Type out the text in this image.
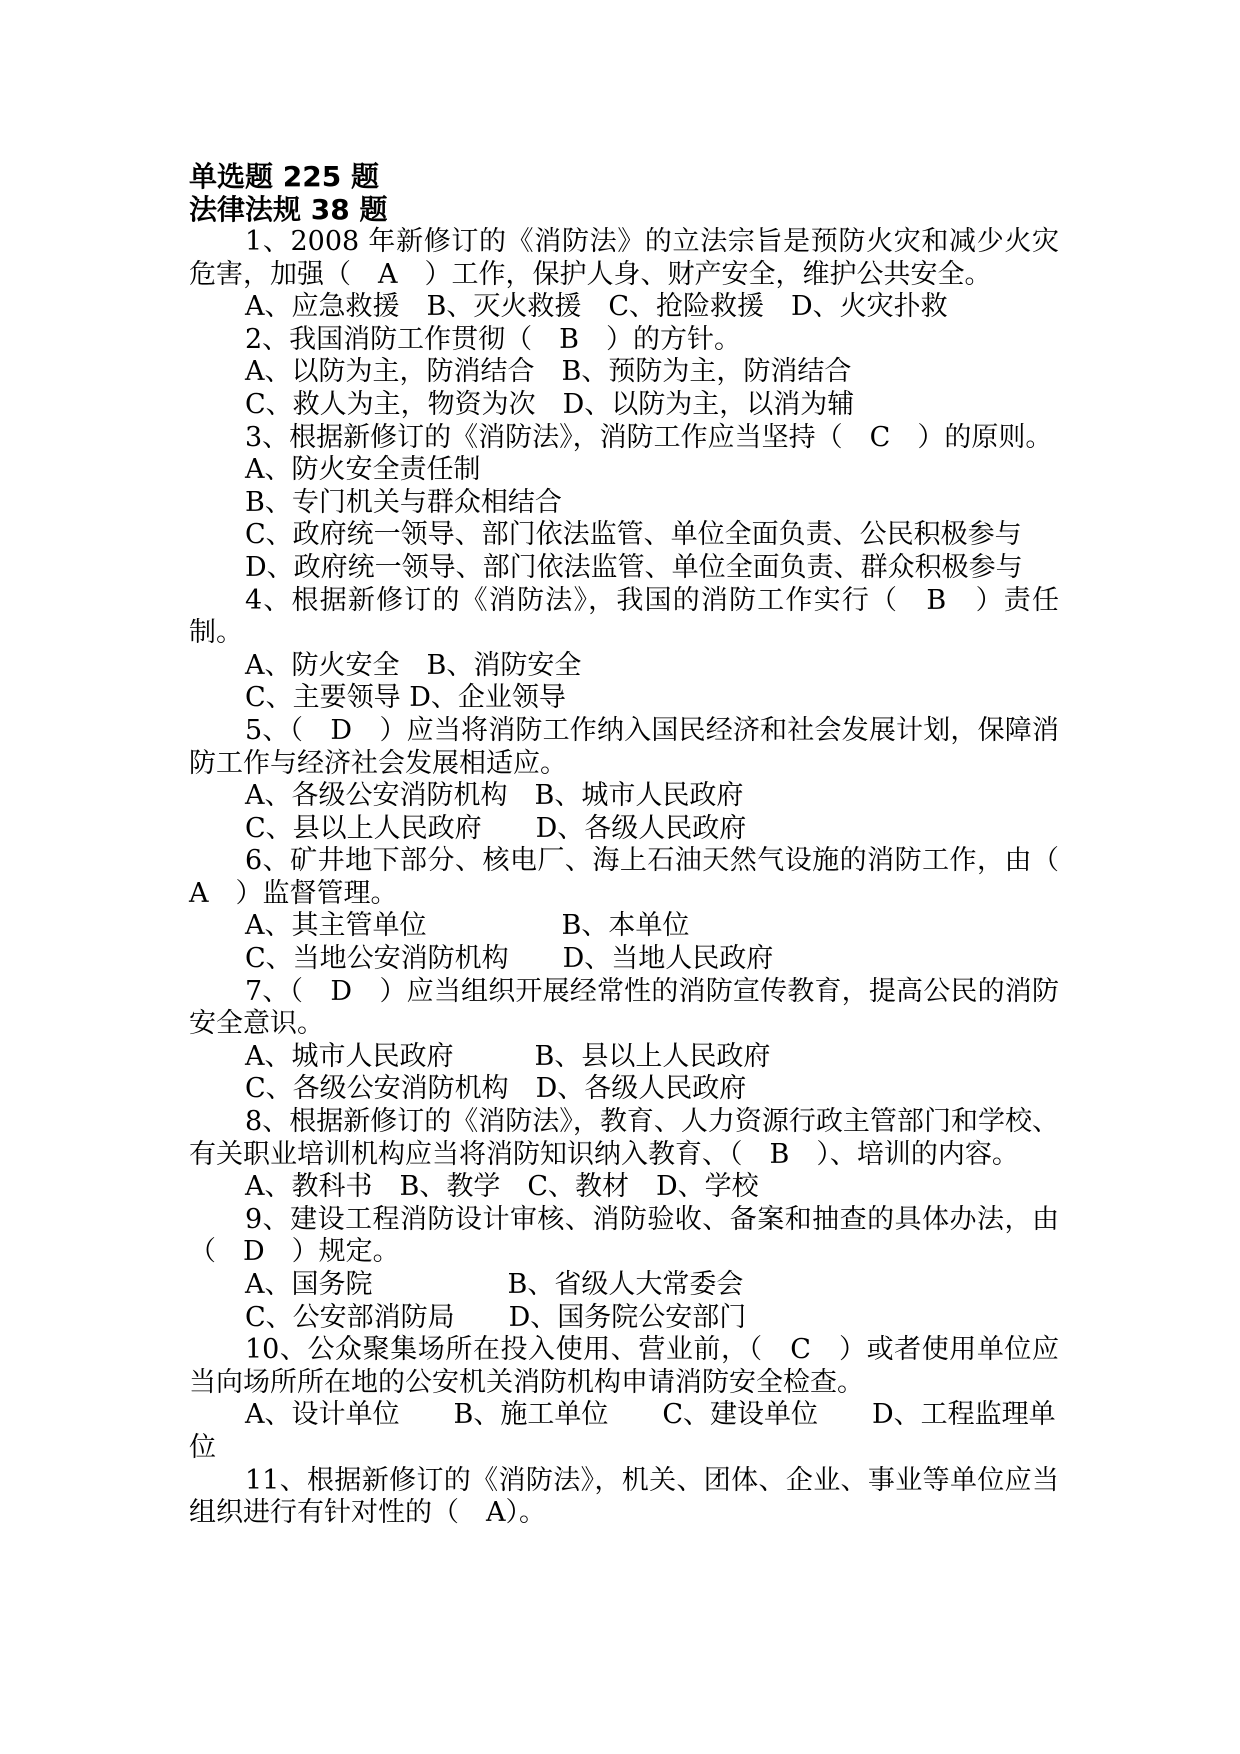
单选题 225 题

法律法规 38 题

1、2008 年新修订的《消防法》的立法宗旨是预防火灾和减少火灾危害，加强（　A　）工作，保护人身、财产安全，维护公共安全。

A、应急救援　B、灭火救援　C、抢险救援　D、火灾扑救

2、我国消防工作贯彻（　B　）的方针。

A、以防为主，防消结合　B、预防为主，防消结合

C、救人为主，物资为次　D、以防为主，以消为辅

3、根据新修订的《消防法》，消防工作应当坚持（　C　）的原则。

A、防火安全责任制

B、专门机关与群众相结合

C、政府统一领导、部门依法监管、单位全面负责、公民积极参与

D、政府统一领导、部门依法监管、单位全面负责、群众积极参与

4、根据新修订的《消防法》，我国的消防工作实行（　B　）责任制。

A、防火安全　B、消防安全

C、主要领导 D、企业领导

5、（　D　）应当将消防工作纳入国民经济和社会发展计划，保障消防工作与经济社会发展相适应。

A、各级公安消防机构　B、城市人民政府

C、县以上人民政府　　D、各级人民政府

6、矿井地下部分、核电厂、海上石油天然气设施的消防工作，由（　A　）监督管理。

A、其主管单位　　　　　B、本单位

C、当地公安消防机构　　D、当地人民政府

7、（　D　）应当组织开展经常性的消防宣传教育，提高公民的消防安全意识。

A、城市人民政府　　　B、县以上人民政府

C、各级公安消防机构　D、各级人民政府

8、根据新修订的《消防法》，教育、人力资源行政主管部门和学校、有关职业培训机构应当将消防知识纳入教育、（　B　）、培训的内容。

A、教科书　B、教学　C、教材　D、学校

9、建设工程消防设计审核、消防验收、备案和抽查的具体办法，由（　D　）规定。

A、国务院　　　　　B、省级人大常委会

C、公安部消防局　　D、国务院公安部门

10、公众聚集场所在投入使用、营业前，（　C　）或者使用单位应当向场所所在地的公安机关消防机构申请消防安全检查。

A、设计单位　　B、施工单位　　C、建设单位　　D、工程监理单位

11、根据新修订的《消防法》，机关、团体、企业、事业等单位应当组织进行有针对性的（　A）。
